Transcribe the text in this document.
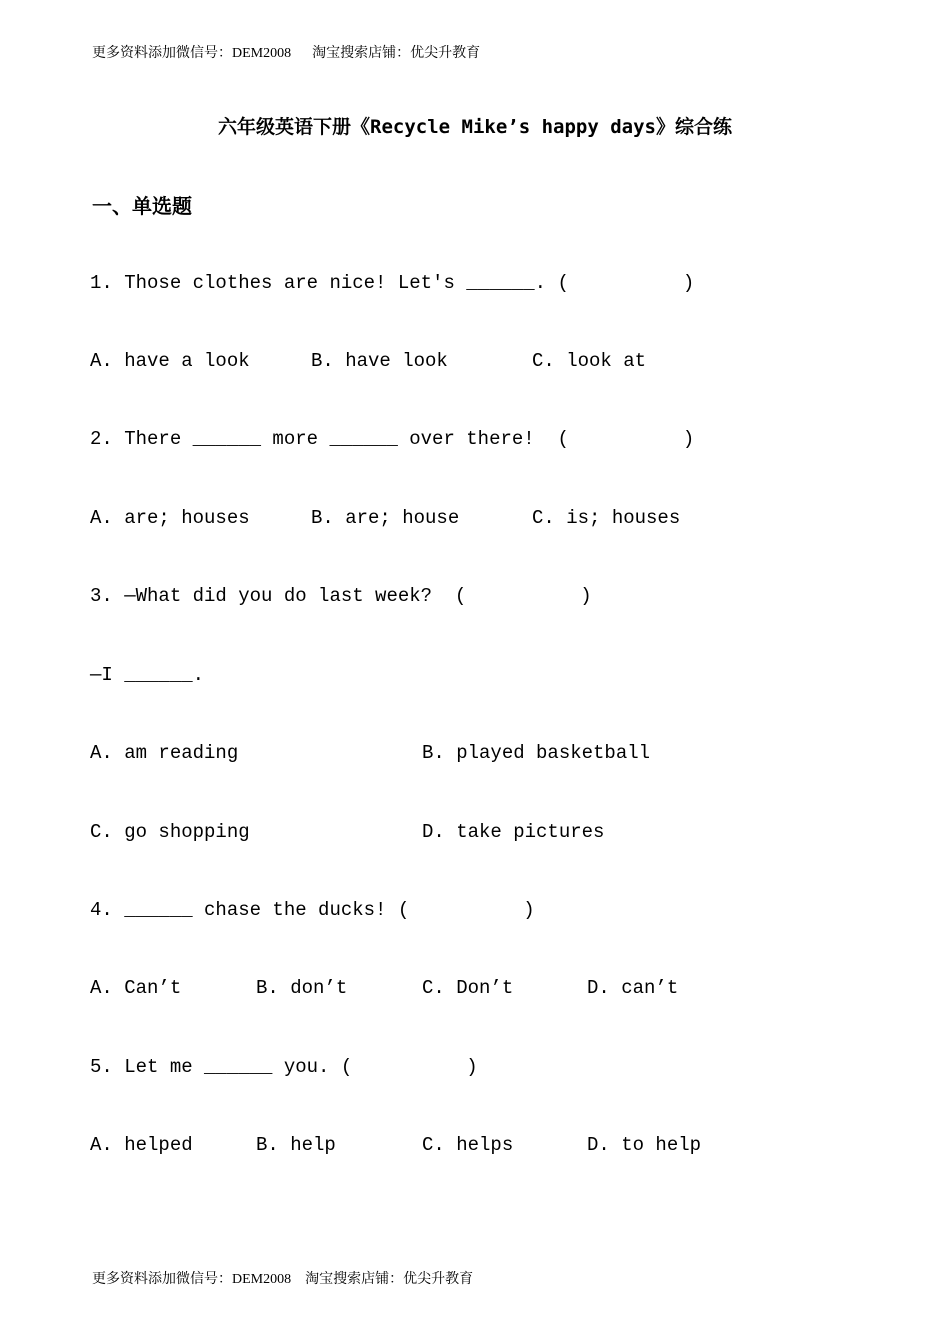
更多资料添加微信号：DEM2008      淘宝搜索店铺：优尖升教育
六年级英语下册《Recycle Mike’s happy days》综合练
一、单选题
1. Those clothes are nice! Let's ______. (          )
A. have a look	B. have look	C. look at
2. There ______ more ______ over there!  (          )
A. are; houses	B. are; house	C. is; houses
3. —What did you do last week?  (          )
—I ______.
A. am reading	B. played basketball
C. go shopping	D. take pictures
4. ______ chase the ducks! (          )
A. Can’t	B. don’t	C. Don’t	D. can’t
5. Let me ______ you. (          )
A. helped	B. help	C. helps	D. to help
更多资料添加微信号：DEM2008    淘宝搜索店铺：优尖升教育
